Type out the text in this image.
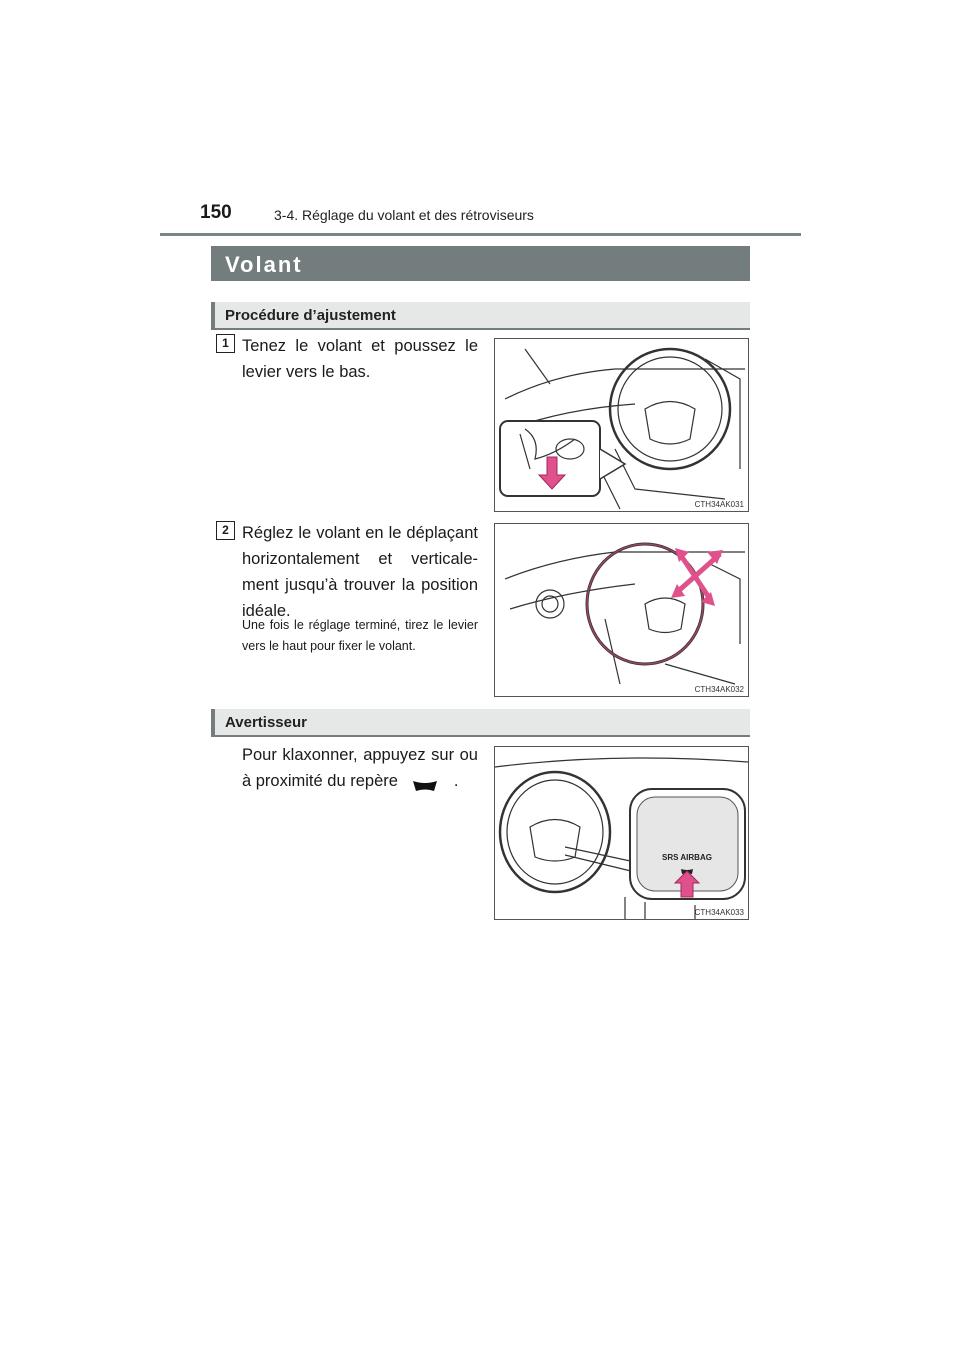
150	3-4. Réglage du volant et des rétroviseurs
Volant
Procédure d’ajustement
1 Tenez le volant et poussez le levier vers le bas.
CTH34AK031
2 Réglez le volant en le déplaçant horizontalement et verticale-ment jusqu’à trouver la position idéale.
Une fois le réglage terminé, tirez le levier vers le haut pour fixer le volant.
CTH34AK032
Avertisseur
Pour klaxonner, appuyez sur ou à proximité du repère	.
SRS AIRBAG
CTH34AK033
